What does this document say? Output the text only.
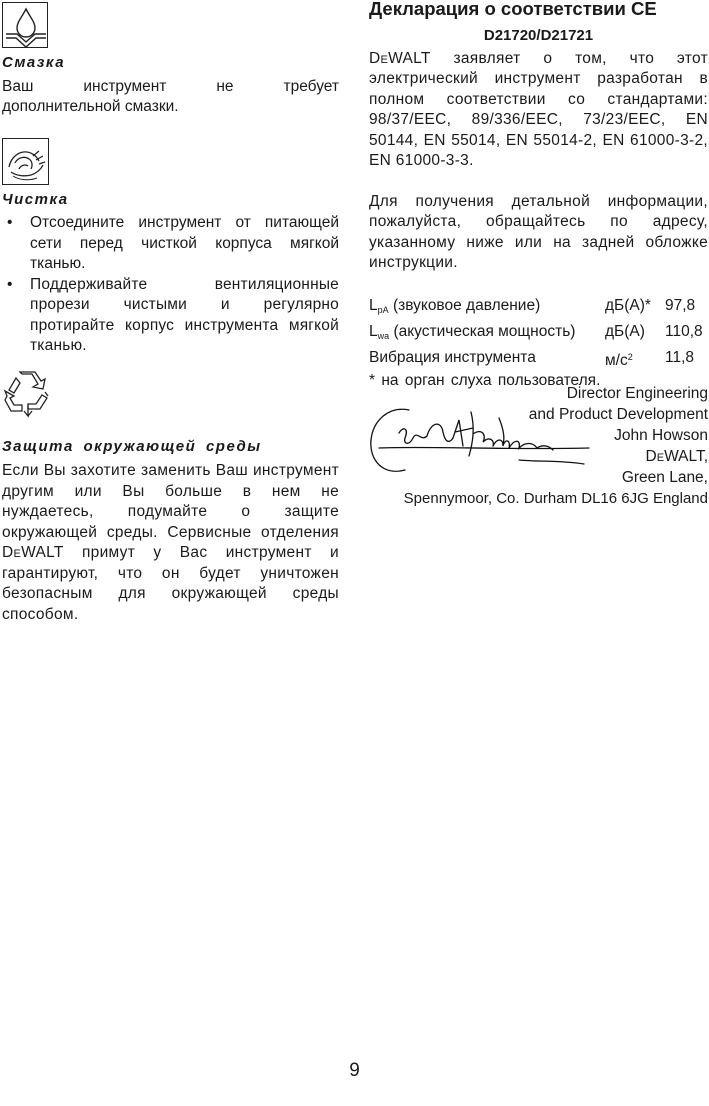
Смазка
Ваш инструмент не требует
дополнительной смазки.
Чистка
• Отсоедините инструмент от питающей сети перед чисткой корпуса мягкой тканью.
• Поддерживайте вентиляционные прорези чистыми и регулярно протирайте корпус инструмента мягкой тканью.
Защита окружающей среды
Если Вы захотите заменить Ваш инструмент другим или Вы больше в нем не нуждаетесь, подумайте о защите окружающей среды. Сервисные отделения DeWALT примут у Вас инструмент и гарантируют, что он будет уничтожен безопасным для окружающей среды способом.
Декларация о соответствии CE
D21720/D21721
DeWALT заявляет о том, что этот электрический инструмент разработан в полном соответствии со стандартами: 98/37/EEC, 89/336/EEC, 73/23/EEC, EN 50144, EN 55014, EN 55014-2, EN 61000-3-2, EN 61000-3-3.
Для получения детальной информации, пожалуйста, обращайтесь по адресу, указанному ниже или на задней обложке инструкции.
$L_{pA}$ (звуковое давление)	дБ(А)*	97,8
$L_{wa}$ (акустическая мощность)	дБ(А)	110,8
Вибрация инструмента	$м/с^2$	11,8
* на орган слуха пользователя.
Director Engineering
and Product Development
John Howson
DeWALT,
Green Lane,
Spennymoor, Co. Durham DL16 6JG England
9
